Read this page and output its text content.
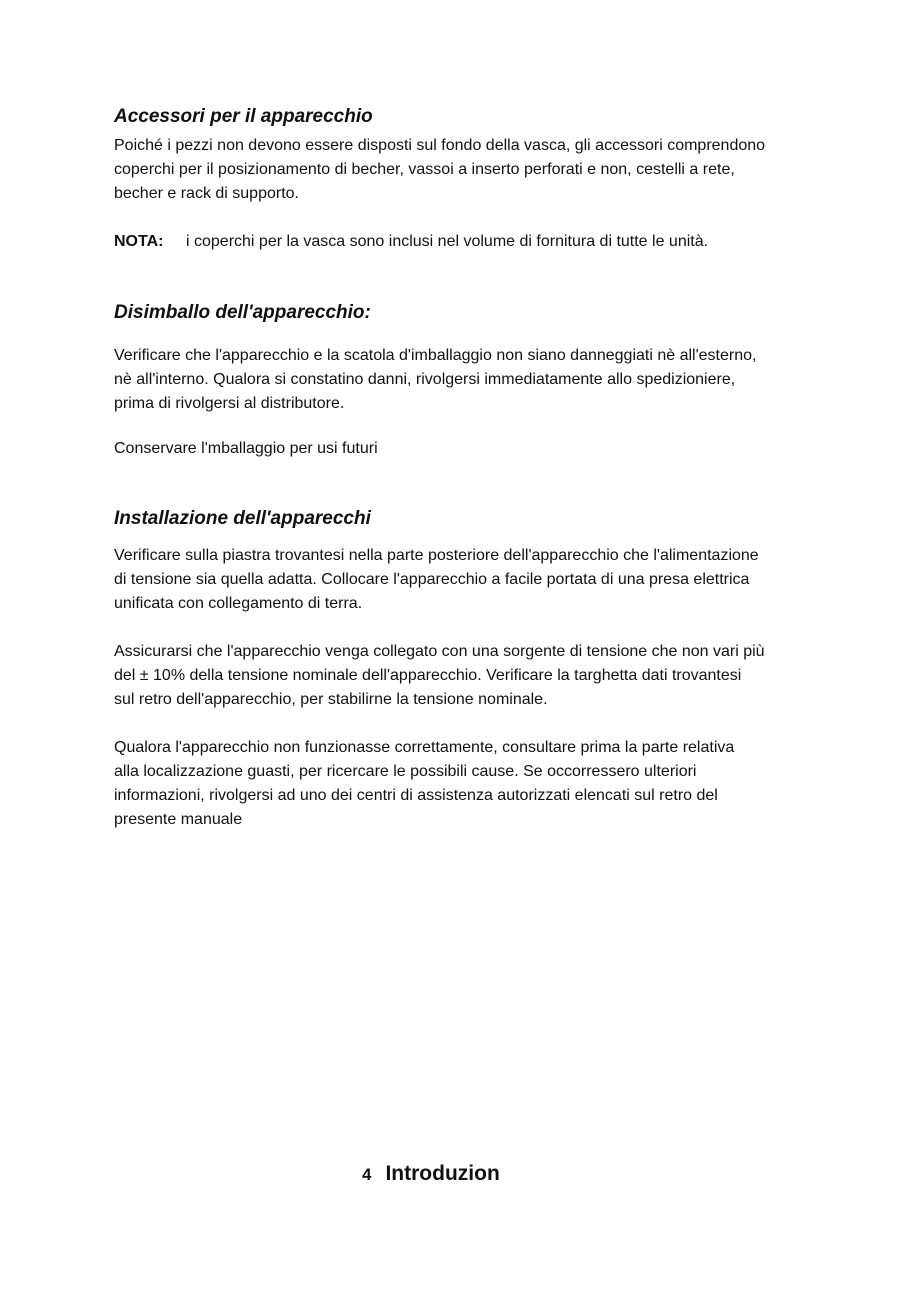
Accessori per il apparecchio

Poiché i pezzi non devono essere disposti sul fondo della vasca, gli accessori comprendono
coperchi per il posizionamento di becher, vassoi a inserto perforati e non, cestelli a rete,
becher e rack di supporto.

NOTA: i coperchi per la vasca sono inclusi nel volume di fornitura di tutte le unità.

Disimballo dell'apparecchio:

Verificare che l'apparecchio e la scatola d'imballaggio non siano danneggiati nè all'esterno,
nè all'interno. Qualora si constatino danni, rivolgersi immediatamente allo spedizioniere,
prima di rivolgersi al distributore.

Conservare l'mballaggio per usi futuri

Installazione dell'apparecchi

Verificare sulla piastra trovantesi nella parte posteriore dell'apparecchio che l'alimentazione
di tensione sia quella adatta. Collocare l'apparecchio a facile portata di una presa elettrica
unificata con collegamento di terra.

Assicurarsi che l'apparecchio venga collegato con una sorgente di tensione che non vari più
del ± 10% della tensione nominale dell'apparecchio. Verificare la targhetta dati trovantesi
sul retro dell'apparecchio, per stabilirne la tensione nominale.

Qualora l'apparecchio non funzionasse correttamente, consultare prima la parte relativa
alla localizzazione guasti, per ricercare le possibili cause. Se occorressero ulteriori
informazioni, rivolgersi ad uno dei centri di assistenza autorizzati elencati sul retro del
presente manuale

4 Introduzion
